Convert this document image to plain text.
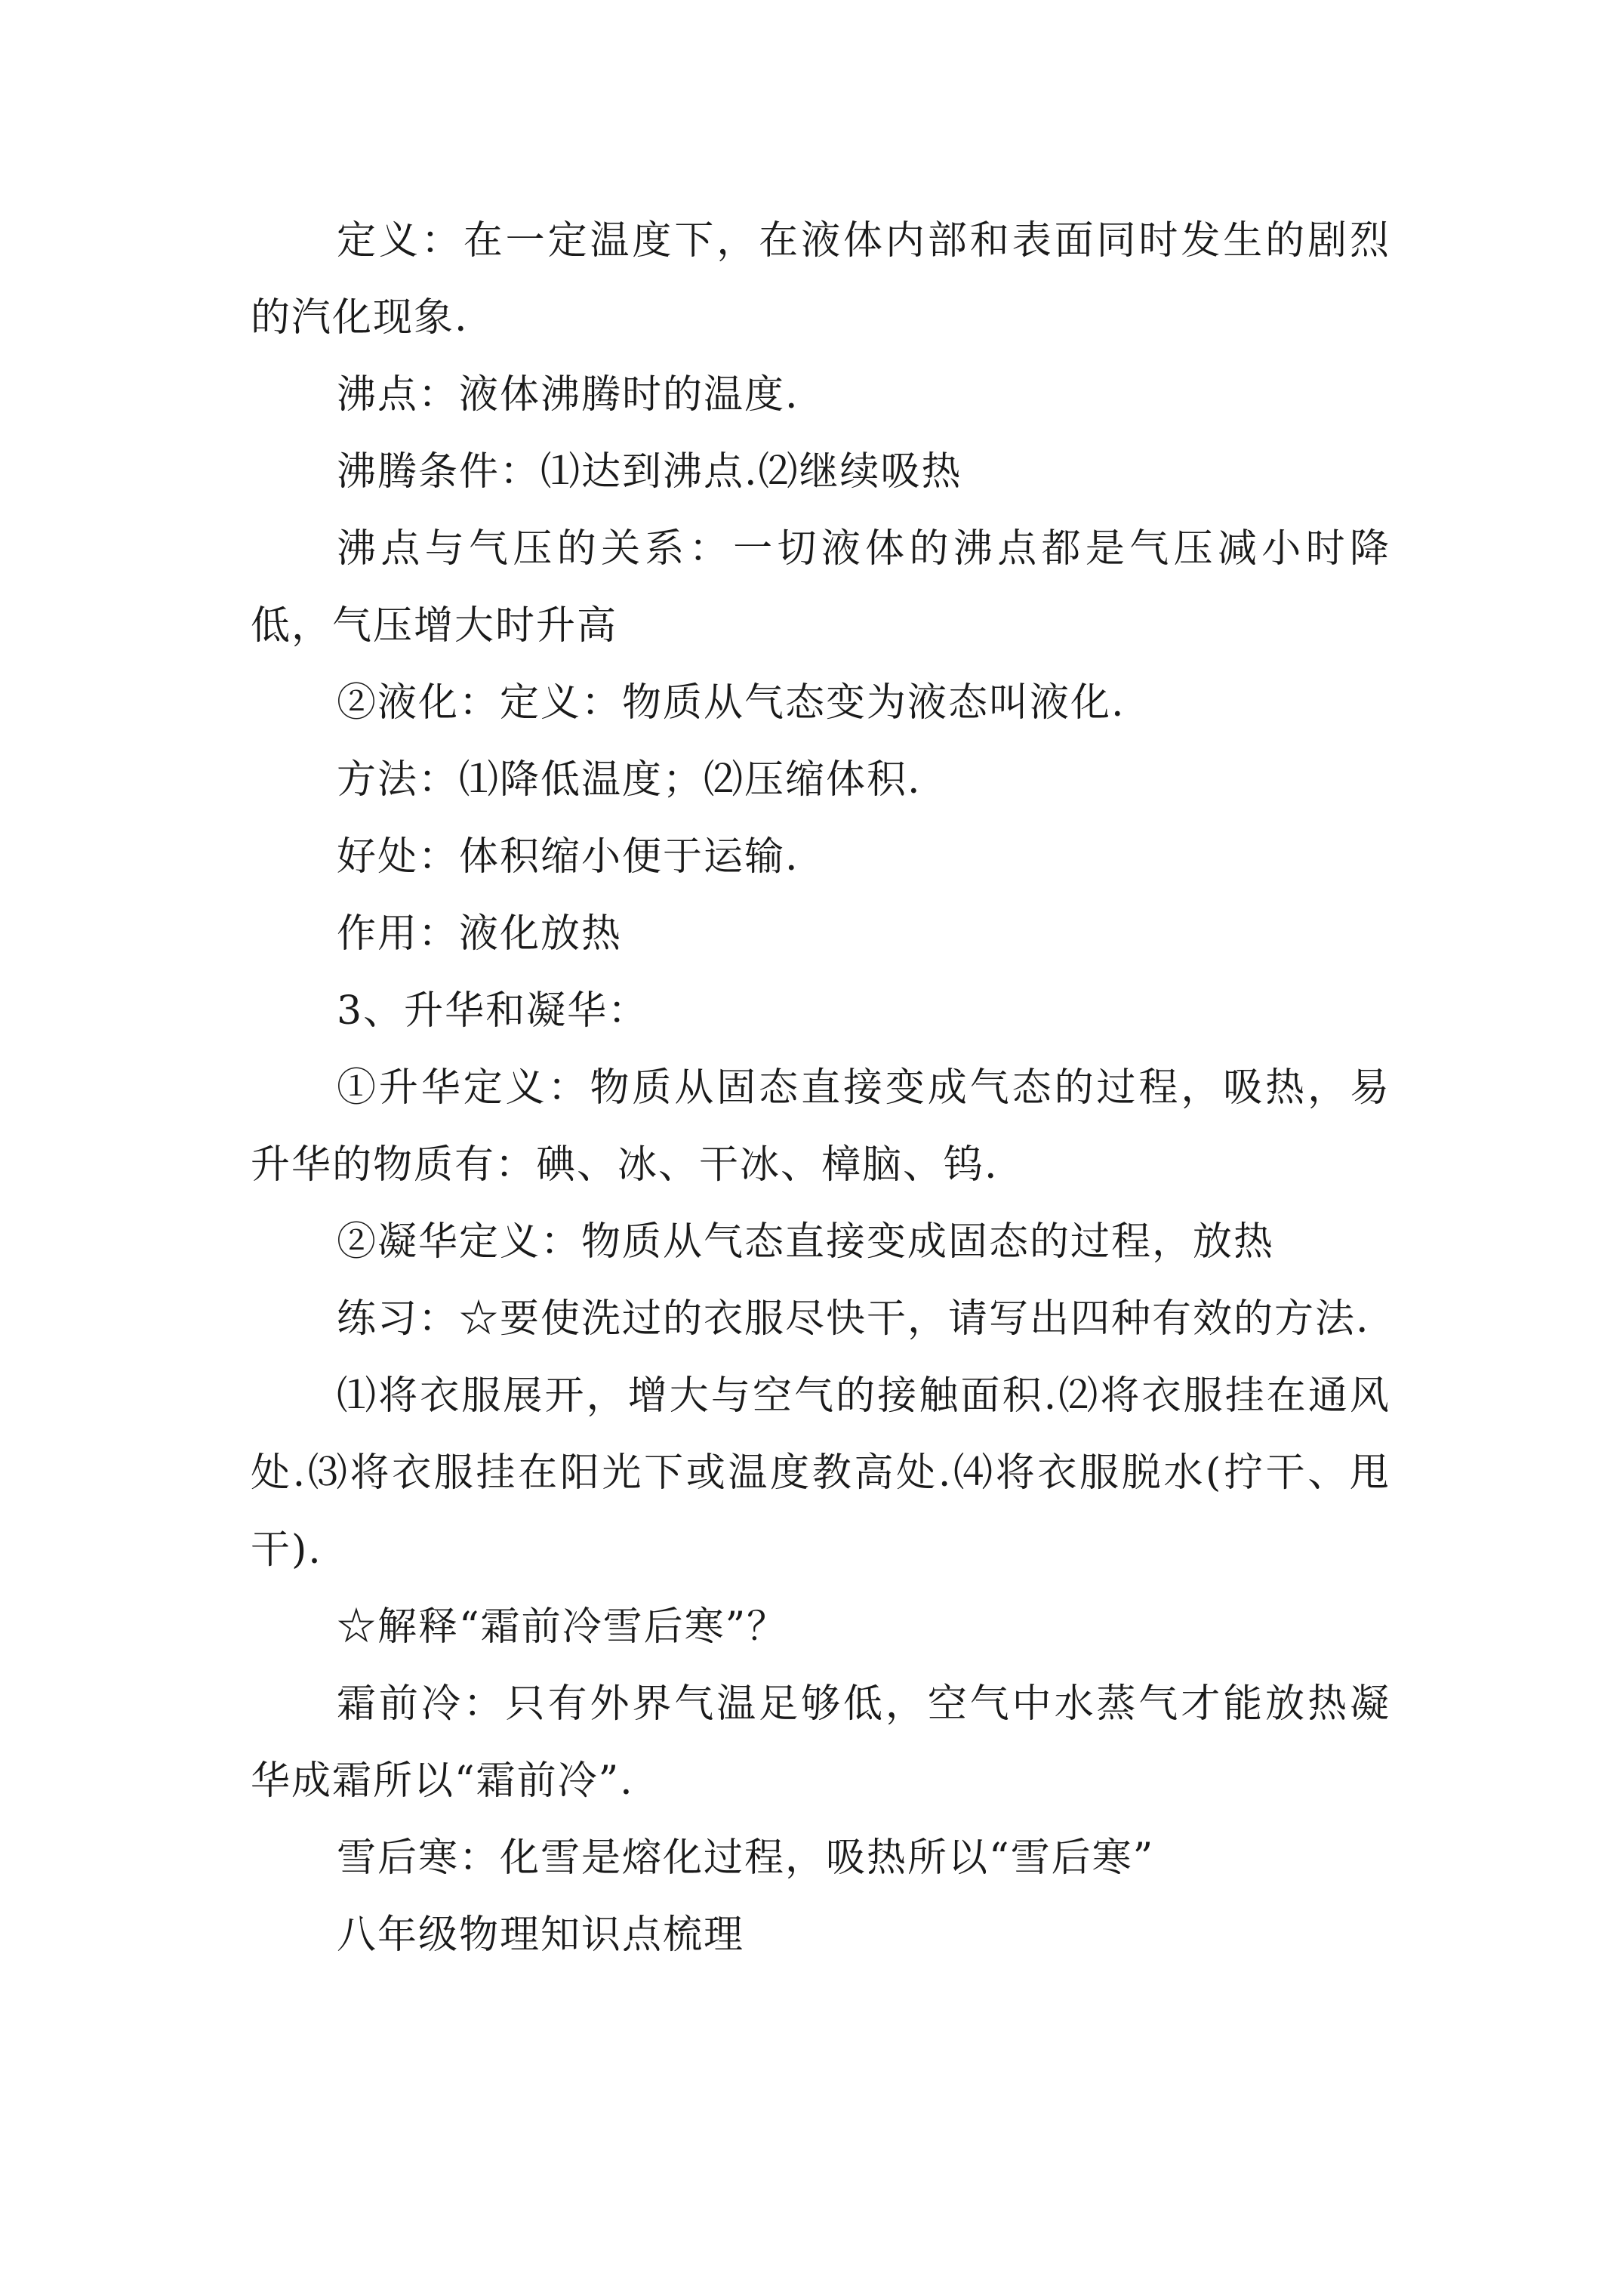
定义：在一定温度下，在液体内部和表面同时发生的剧烈的汽化现象.

沸点：液体沸腾时的温度.

沸腾条件：⑴达到沸点.⑵继续吸热

沸点与气压的关系：一切液体的沸点都是气压减小时降低，气压增大时升高

②液化：定义：物质从气态变为液态叫液化.

方法：⑴降低温度；⑵压缩体积.

好处：体积缩小便于运输.

作用：液化放热

3、升华和凝华：

①升华定义：物质从固态直接变成气态的过程，吸热，易升华的物质有：碘、冰、干冰、樟脑、钨.

②凝华定义：物质从气态直接变成固态的过程，放热

练习：☆要使洗过的衣服尽快干，请写出四种有效的方法.

⑴将衣服展开，增大与空气的接触面积.⑵将衣服挂在通风处.⑶将衣服挂在阳光下或温度教高处.⑷将衣服脱水(拧干、甩干).

☆解释“霜前冷雪后寒”？

霜前冷：只有外界气温足够低，空气中水蒸气才能放热凝华成霜所以“霜前冷”.

雪后寒：化雪是熔化过程，吸热所以“雪后寒”

八年级物理知识点梳理
